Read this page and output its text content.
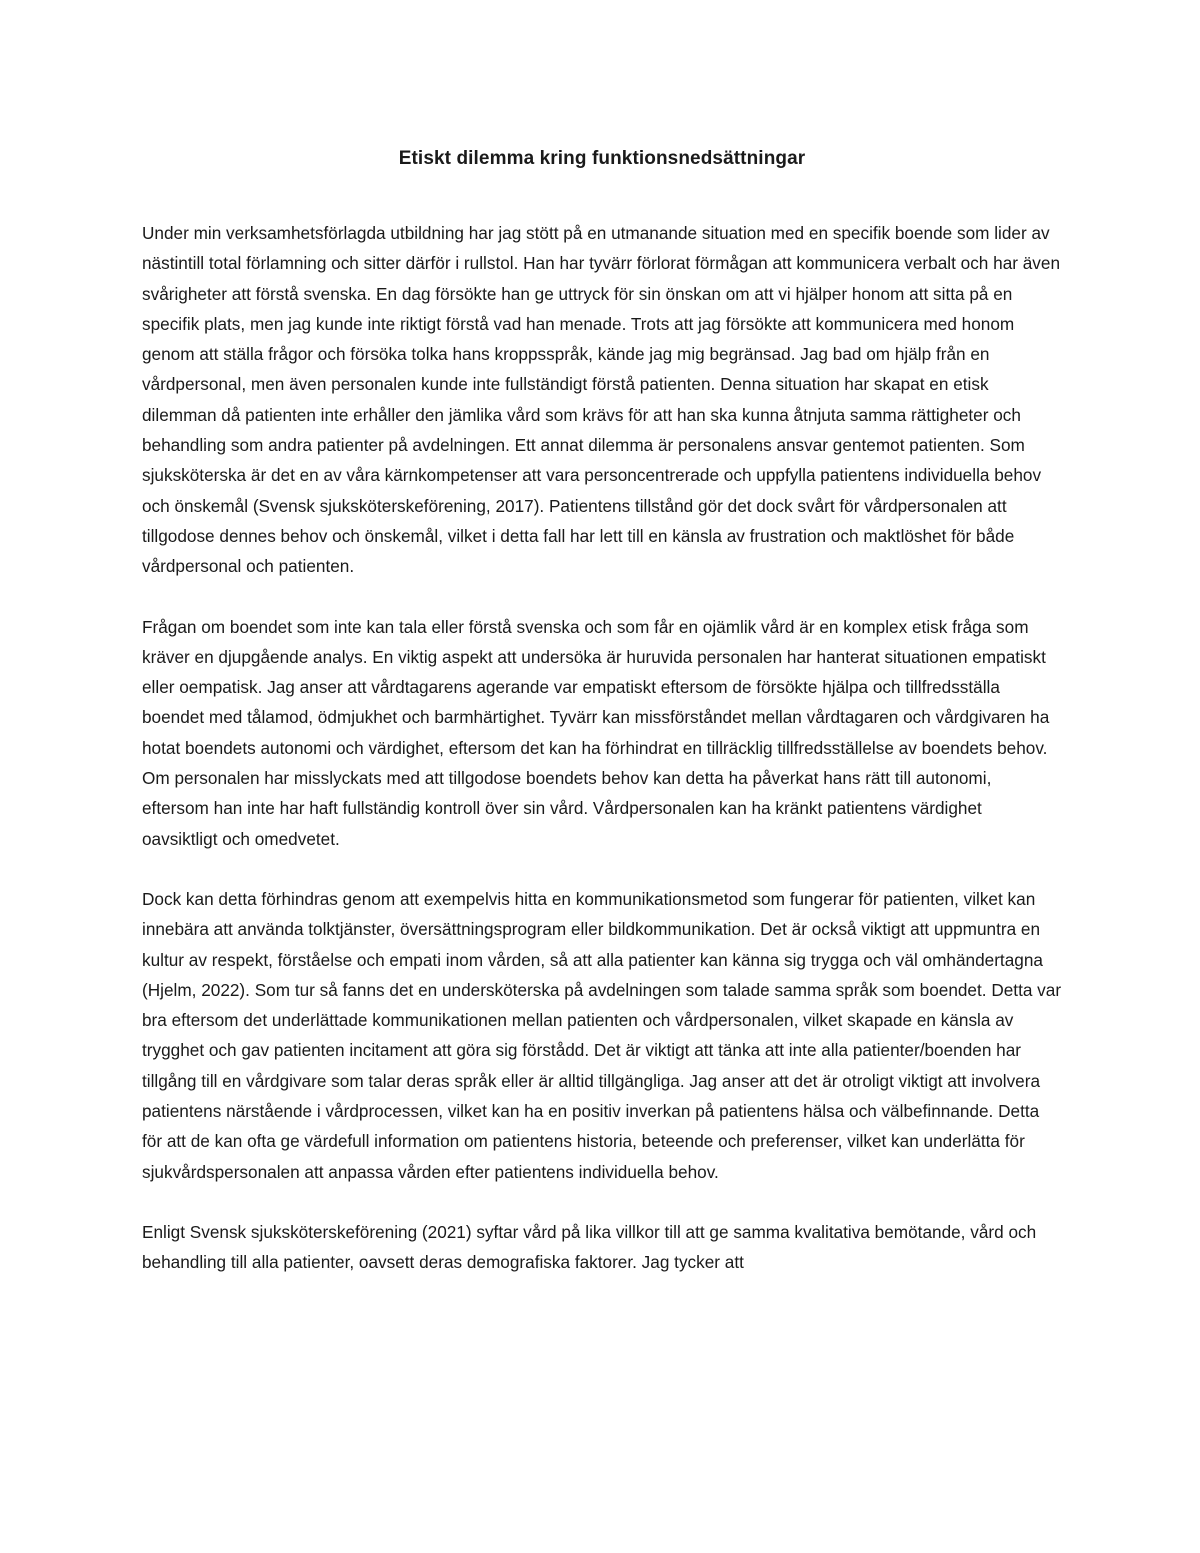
Etiskt dilemma kring funktionsnedsättningar

Under min verksamhetsförlagda utbildning har jag stött på en utmanande situation med en specifik boende som lider av nästintill total förlamning och sitter därför i rullstol. Han har tyvärr förlorat förmågan att kommunicera verbalt och har även svårigheter att förstå svenska. En dag försökte han ge uttryck för sin önskan om att vi hjälper honom att sitta på en specifik plats, men jag kunde inte riktigt förstå vad han menade. Trots att jag försökte att kommunicera med honom genom att ställa frågor och försöka tolka hans kroppsspråk, kände jag mig begränsad. Jag bad om hjälp från en vårdpersonal, men även personalen kunde inte fullständigt förstå patienten. Denna situation har skapat en etisk dilemman då patienten inte erhåller den jämlika vård som krävs för att han ska kunna åtnjuta samma rättigheter och behandling som andra patienter på avdelningen. Ett annat dilemma är personalens ansvar gentemot patienten. Som sjuksköterska är det en av våra kärnkompetenser att vara personcentrerade och uppfylla patientens individuella behov och önskemål (Svensk sjuksköterskeförening, 2017). Patientens tillstånd gör det dock svårt för vårdpersonalen att tillgodose dennes behov och önskemål, vilket i detta fall har lett till en känsla av frustration och maktlöshet för både vårdpersonal och patienten.

Frågan om boendet som inte kan tala eller förstå svenska och som får en ojämlik vård är en komplex etisk fråga som kräver en djupgående analys. En viktig aspekt att undersöka är huruvida personalen har hanterat situationen empatiskt eller oempatisk. Jag anser att vårdtagarens agerande var empatiskt eftersom de försökte hjälpa och tillfredsställa boendet med tålamod, ödmjukhet och barmhärtighet. Tyvärr kan missförståndet mellan vårdtagaren och vårdgivaren ha hotat boendets autonomi och värdighet, eftersom det kan ha förhindrat en tillräcklig tillfredsställelse av boendets behov. Om personalen har misslyckats med att tillgodose boendets behov kan detta ha påverkat hans rätt till autonomi, eftersom han inte har haft fullständig kontroll över sin vård. Vårdpersonalen kan ha kränkt patientens värdighet oavsiktligt och omedvetet.

Dock kan detta förhindras genom att exempelvis hitta en kommunikationsmetod som fungerar för patienten, vilket kan innebära att använda tolktjänster, översättningsprogram eller bildkommunikation. Det är också viktigt att uppmuntra en kultur av respekt, förståelse och empati inom vården, så att alla patienter kan känna sig trygga och väl omhändertagna (Hjelm, 2022). Som tur så fanns det en undersköterska på avdelningen som talade samma språk som boendet. Detta var bra eftersom det underlättade kommunikationen mellan patienten och vårdpersonalen, vilket skapade en känsla av trygghet och gav patienten incitament att göra sig förstådd. Det är viktigt att tänka att inte alla patienter/boenden har tillgång till en vårdgivare som talar deras språk eller är alltid tillgängliga. Jag anser att det är otroligt viktigt att involvera patientens närstående i vårdprocessen, vilket kan ha en positiv inverkan på patientens hälsa och välbefinnande. Detta för att de kan ofta ge värdefull information om patientens historia, beteende och preferenser, vilket kan underlätta för sjukvårdspersonalen att anpassa vården efter patientens individuella behov.

Enligt Svensk sjuksköterskeförening (2021) syftar vård på lika villkor till att ge samma kvalitativa bemötande, vård och behandling till alla patienter, oavsett deras demografiska faktorer. Jag tycker att
